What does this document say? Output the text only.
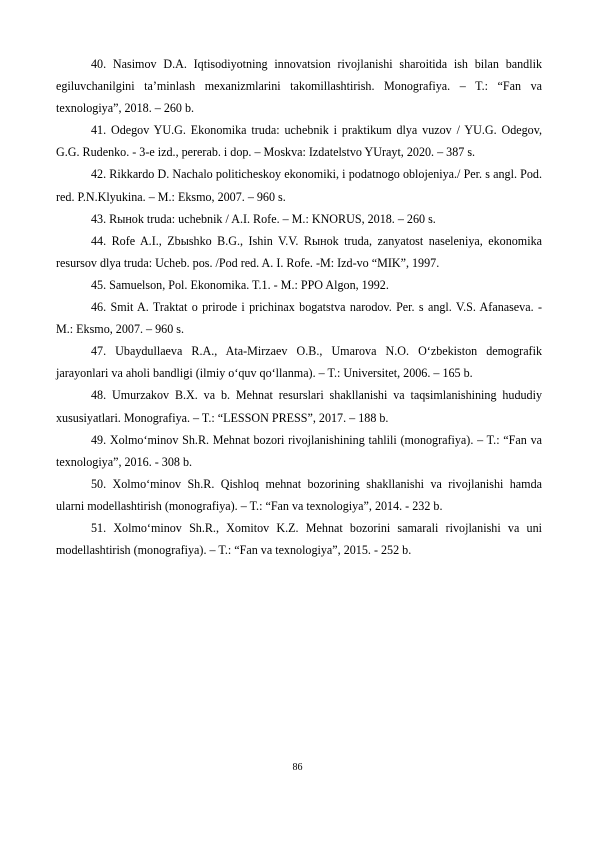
40. Nasimov D.A. Iqtisodiyotning innovatsion rivojlanishi sharoitida ish bilan bandlik egiluvchanilgini ta’minlash mexanizmlarini takomillashtirish. Monografiya. – T.: “Fan va texnologiya”, 2018. – 260 b.

41. Odegov YU.G. Ekonomika truda: uchebnik i praktikum dlya vuzov / YU.G. Odegov, G.G. Rudenko. - 3-e izd., pererab. i dop. – Moskva: Izdatelstvo YUrayt, 2020. – 387 s.

42. Rikkardo D. Nachalo politicheskoy ekonomiki, i podatnogo oblojeniya./ Per. s angl. Pod. red. P.N.Klyukina. – M.: Eksmo, 2007. – 960 s.

43. Rынok truda: uchebnik / A.I. Rofe. – M.: KNORUS, 2018. – 260 s.

44. Rofe A.I., Zbыshko B.G., Ishin V.V. Rынok truda, zanyatost naseleniya, ekonomika resursov dlya truda: Ucheb. pos. /Pod red. A. I. Rofe. -M: Izd-vo “MIK”, 1997.

45. Samuelson, Pol. Ekonomika. T.1. - M.: PPO Algon, 1992.

46. Smit A. Traktat o prirode i prichinax bogatstva narodov. Per. s angl. V.S. Afanaseva. - M.: Eksmo, 2007. – 960 s.

47. Ubaydullaeva R.A., Ata-Mirzaev O.B., Umarova N.O. O‘zbekiston demografik jarayonlari va aholi bandligi (ilmiy o‘quv qo‘llanma). – T.: Universitet, 2006. – 165 b.

48. Umurzakov B.X. va b. Mehnat resurslari shakllanishi va taqsimlanishining hududiy xususiyatlari. Monografiya. – T.: “LESSON PRESS”, 2017. – 188 b.

49. Xolmo‘minov Sh.R. Mehnat bozori rivojlanishining tahlili (monografiya). – T.: “Fan va texnologiya”, 2016. - 308 b.

50. Xolmo‘minov Sh.R. Qishloq mehnat bozorining shakllanishi va rivojlanishi hamda ularni modellashtirish (monografiya). – T.: “Fan va texnologiya”, 2014. - 232 b.

51. Xolmo‘minov Sh.R., Xomitov K.Z. Mehnat bozorini samarali rivojlanishi va uni modellashtirish (monografiya). – T.: “Fan va texnologiya”, 2015. - 252 b.

86
